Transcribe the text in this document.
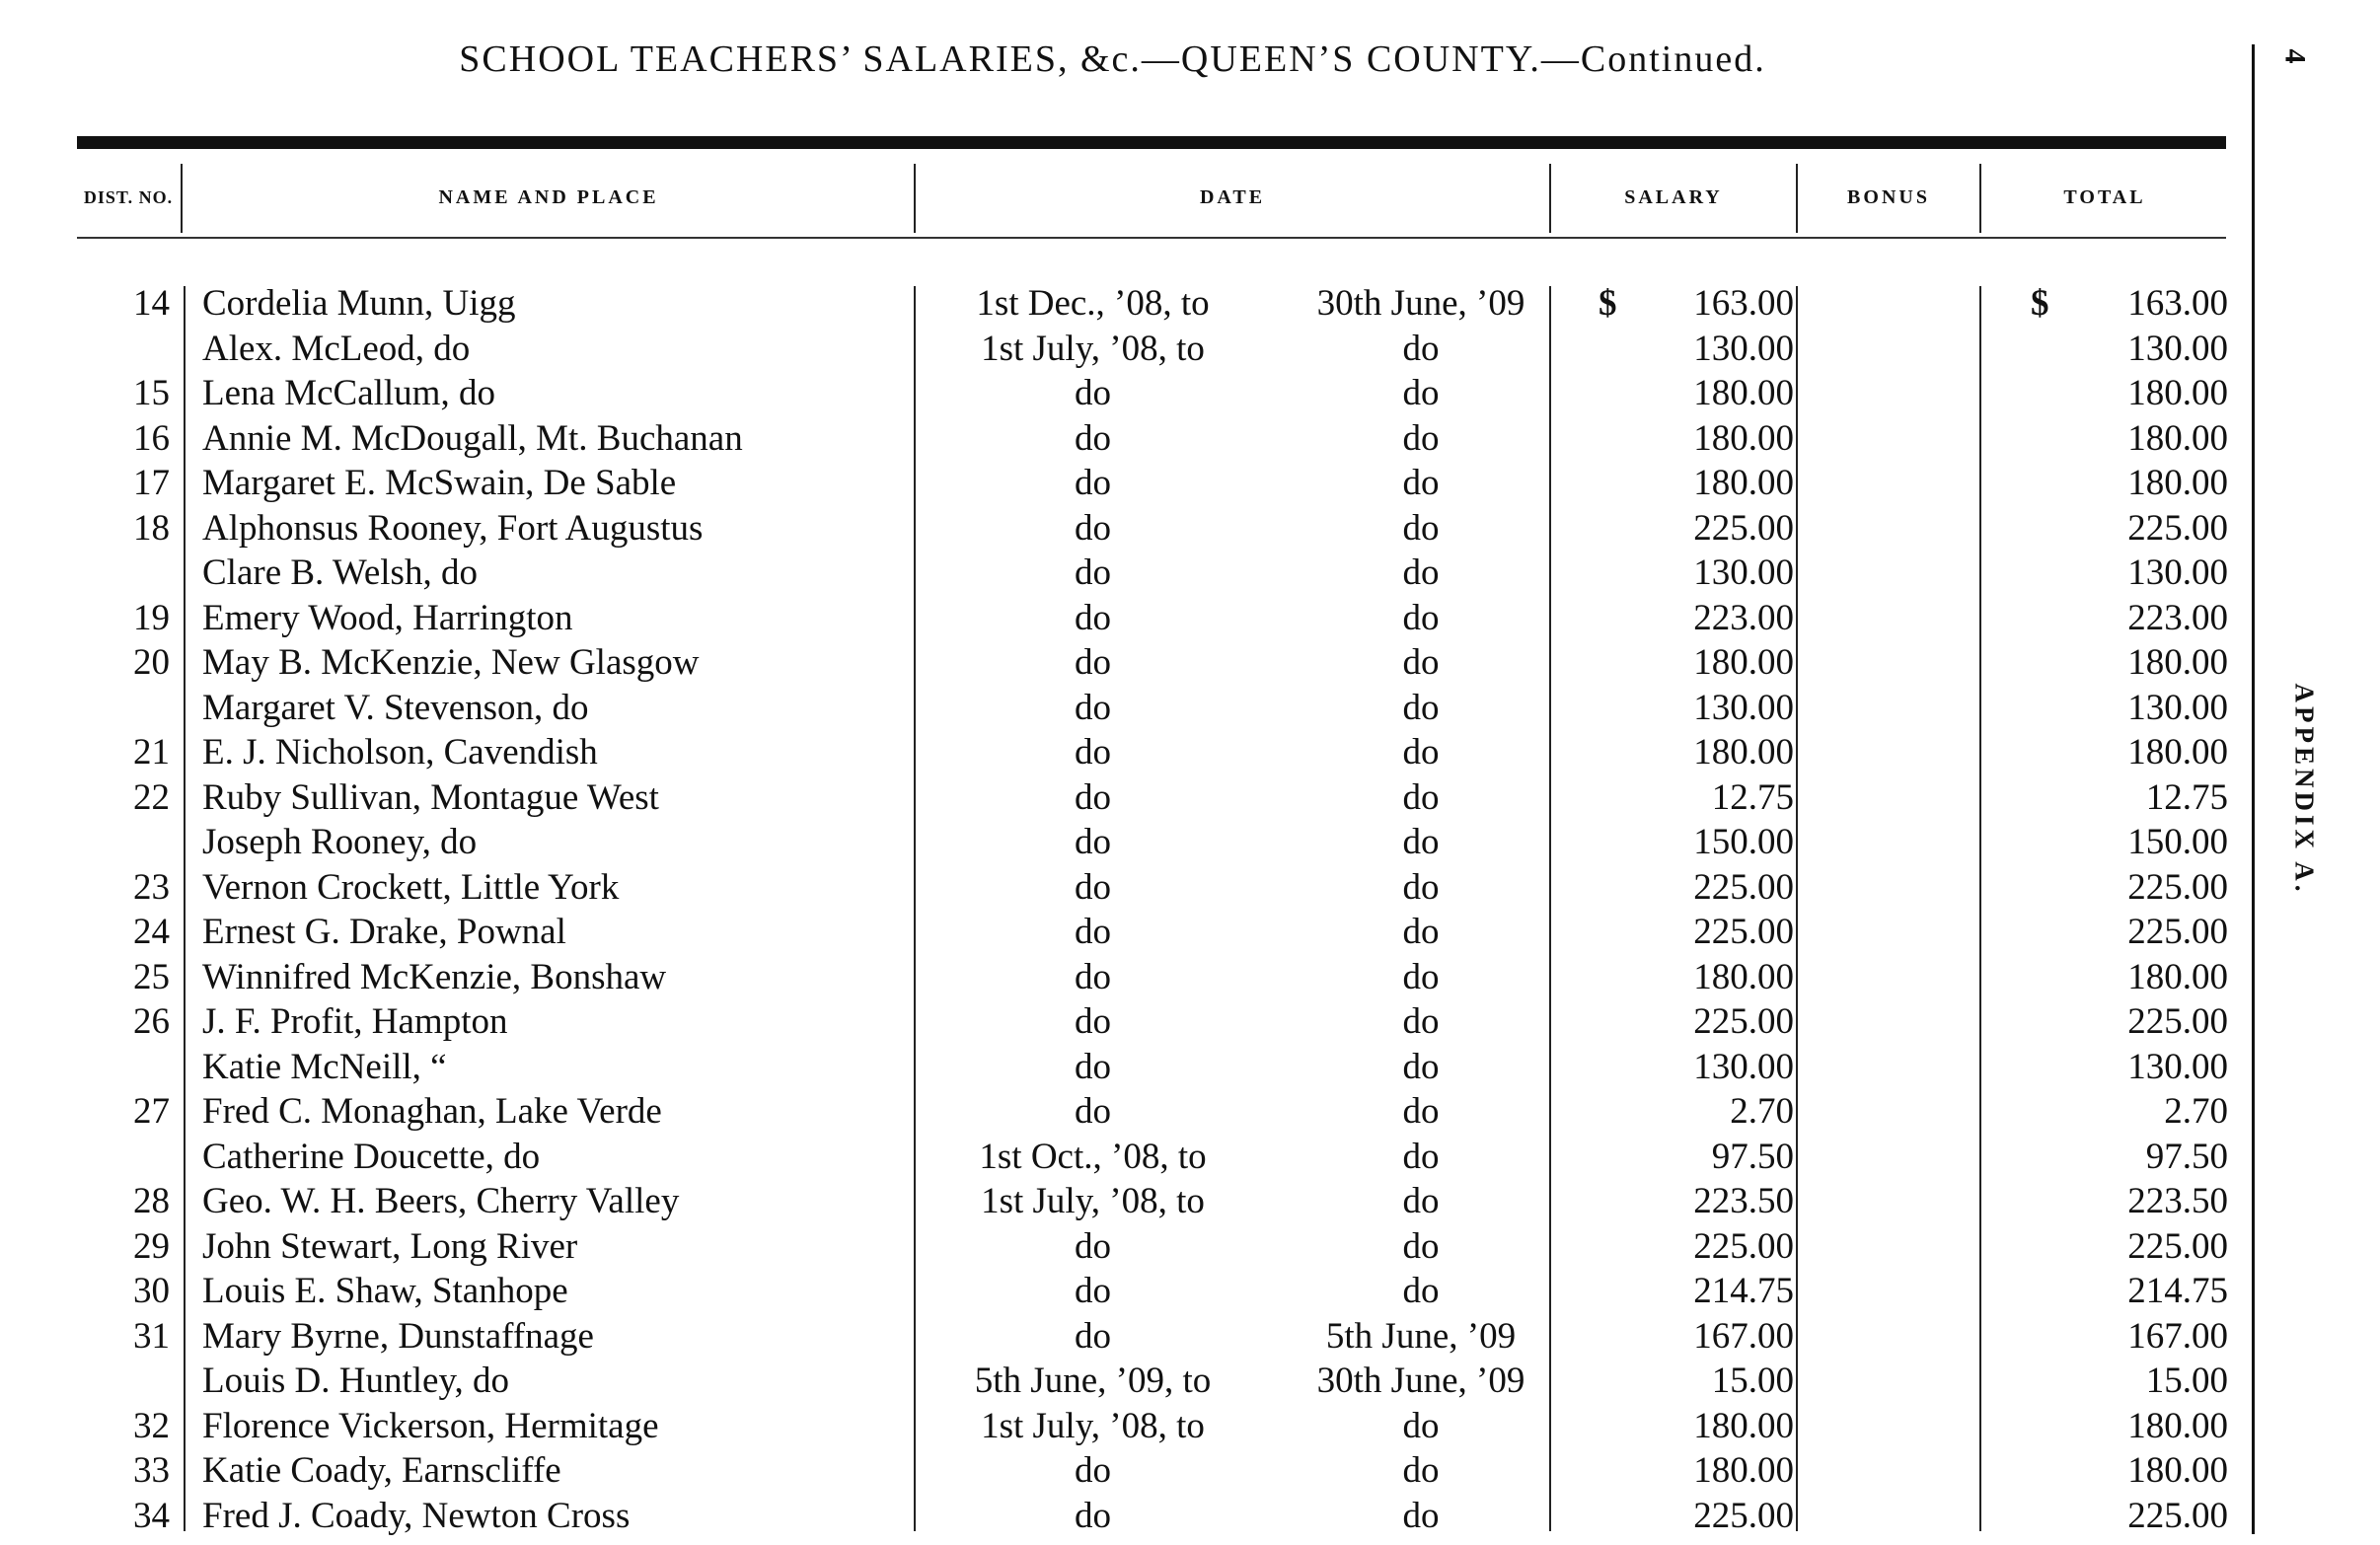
SCHOOL TEACHERS’ SALARIES, &c.—QUEEN’S COUNTY.—Continued.	4
APPENDIX A.
DIST. NO.	NAME AND PLACE	DATE	SALARY	BONUS	TOTAL
14 Cordelia Munn, Uigg	1st Dec., ’08, to	30th June, ’09	$	163.00	$	163.00
Alex. McLeod, do	1st July, ’08, to	do	130.00	130.00
15 Lena McCallum, do	do	do	180.00	180.00
16 Annie M. McDougall, Mt. Buchanan	do	do	180.00	180.00
17 Margaret E. McSwain, De Sable	do	do	180.00	180.00
18 Alphonsus Rooney, Fort Augustus	do	do	225.00	225.00
Clare B. Welsh, do	do	do	130.00	130.00
19 Emery Wood, Harrington	do	do	223.00	223.00
20 May B. McKenzie, New Glasgow	do	do	180.00	180.00
Margaret V. Stevenson, do	do	do	130.00	130.00
21 E. J. Nicholson, Cavendish	do	do	180.00	180.00
22 Ruby Sullivan, Montague West	do	do	12.75	12.75
Joseph Rooney, do	do	do	150.00	150.00
23 Vernon Crockett, Little York	do	do	225.00	225.00
24 Ernest G. Drake, Pownal	do	do	225.00	225.00
25 Winnifred McKenzie, Bonshaw	do	do	180.00	180.00
26 J. F. Profit, Hampton	do	do	225.00	225.00
Katie McNeill, “	do	do	130.00	130.00
27 Fred C. Monaghan, Lake Verde	do	do	2.70	2.70
Catherine Doucette, do	1st Oct., ’08, to	do	97.50	97.50
28 Geo. W. H. Beers, Cherry Valley	1st July, ’08, to	do	223.50	223.50
29 John Stewart, Long River	do	do	225.00	225.00
30 Louis E. Shaw, Stanhope	do	do	214.75	214.75
31 Mary Byrne, Dunstaffnage	do	5th June, ’09	167.00	167.00
Louis D. Huntley, do	5th June, ’09, to	30th June, ’09	15.00	15.00
32 Florence Vickerson, Hermitage	1st July, ’08, to	do	180.00	180.00
33 Katie Coady, Earnscliffe	do	do	180.00	180.00
34 Fred J. Coady, Newton Cross	do	do	225.00	225.00
